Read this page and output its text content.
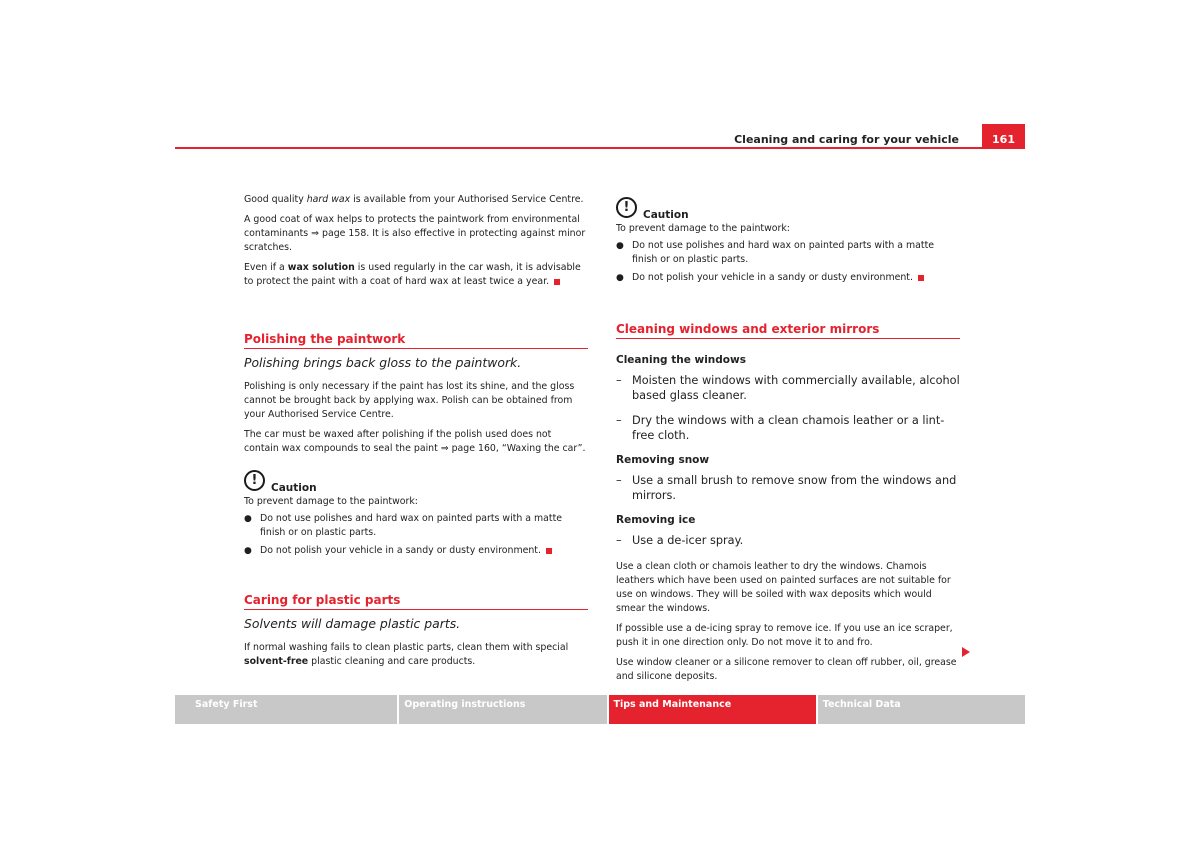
Cleaning and caring for your vehicle	161

Good quality hard wax is available from your Authorised Service Centre.

A good coat of wax helps to protects the paintwork from environmental contaminants ⇒ page 158. It is also effective in protecting against minor scratches.

Even if a wax solution is used regularly in the car wash, it is advisable to protect the paint with a coat of hard wax at least twice a year.

Polishing the paintwork
Polishing brings back gloss to the paintwork.

Polishing is only necessary if the paint has lost its shine, and the gloss cannot be brought back by applying wax. Polish can be obtained from your Authorised Service Centre.

The car must be waxed after polishing if the polish used does not contain wax compounds to seal the paint ⇒ page 160, “Waxing the car”.

!	Caution

To prevent damage to the paintwork:

● Do not use polishes and hard wax on painted parts with a matte finish or on plastic parts.
● Do not polish your vehicle in a sandy or dusty environment.
Caring for plastic parts
Solvents will damage plastic parts.

If normal washing fails to clean plastic parts, clean them with special solvent-free plastic cleaning and care products.

!	Caution

To prevent damage to the paintwork:

● Do not use polishes and hard wax on painted parts with a matte finish or on plastic parts.
● Do not polish your vehicle in a sandy or dusty environment.
Cleaning windows and exterior mirrors
Cleaning the windows
– Moisten the windows with commercially available, alcohol based glass cleaner.
– Dry the windows with a clean chamois leather or a lint-free cloth.
Removing snow
– Use a small brush to remove snow from the windows and mirrors.
Removing ice
– Use a de-icer spray.

Use a clean cloth or chamois leather to dry the windows. Chamois leathers which have been used on painted surfaces are not suitable for use on windows. They will be soiled with wax deposits which would smear the windows.

If possible use a de-icing spray to remove ice. If you use an ice scraper, push it in one direction only. Do not move it to and fro.

Use window cleaner or a silicone remover to clean off rubber, oil, grease and silicone deposits.

Safety First	Operating instructions	Tips and Maintenance	Technical Data
